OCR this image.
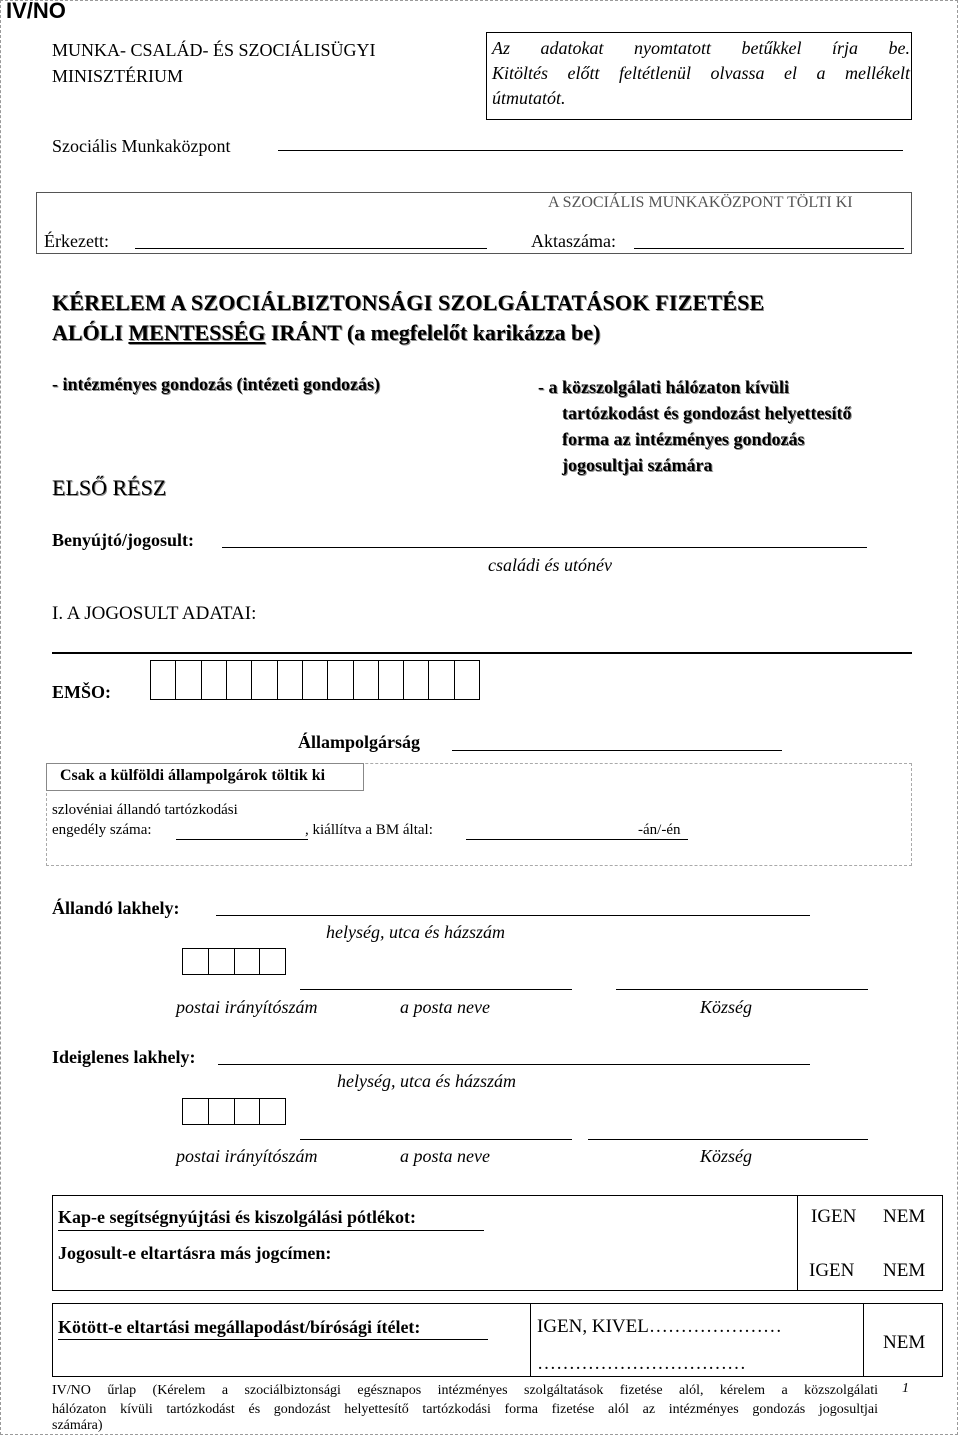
IV/NO
MUNKA- CSALÁD- ÉS SZOCIÁLISÜGYI
MINISZTÉRIUM
Az adatokat nyomtatott betűkkel írja be.
Kitöltés előtt feltétlenül olvassa el a mellékelt
útmutatót.
Szociális Munkaközpont
A SZOCIÁLIS MUNKAKÖZPONT TÖLTI KI
Érkezett:	Aktaszáma:
KÉRELEM A SZOCIÁLBIZTONSÁGI SZOLGÁLTATÁSOK FIZETÉSE
ALÓLI MENTESSÉG IRÁNT (a megfelelőt karikázza be)
- intézményes gondozás (intézeti gondozás)	- a közszolgálati hálózaton kívüli
tartózkodást és gondozást helyettesítő
forma az intézményes gondozás
jogosultjai számára
ELSŐ RÉSZ
Benyújtó/jogosult:
családi és utónév
I. A JOGOSULT ADATAI:
EMŠO:
Állampolgárság
Csak a külföldi állampolgárok töltik ki
szlovéniai állandó tartózkodási
engedély száma:	, kiállítva a BM által:	-án/-én
Állandó lakhely:
helység, utca és házszám
postai irányítószám	a posta neve	Község
Ideiglenes lakhely:
helység, utca és házszám
postai irányítószám	a posta neve	Község
Kap-e segítségnyújtási és kiszolgálási pótlékot:	IGEN NEM
Jogosult-e eltartásra más jogcímen:
IGEN NEM
Kötött-e eltartási megállapodást/bírósági ítélet:	IGEN, KIVEL…………………
……………………………
NEM
IV/NO űrlap (Kérelem a szociálbiztonsági egésznapos intézményes szolgáltatások fizetése alól, kérelem a közszolgálati
hálózaton kívüli tartózkodást és gondozást helyettesítő tartózkodási forma fizetése alól az intézményes gondozás jogosultjai
számára)
1
